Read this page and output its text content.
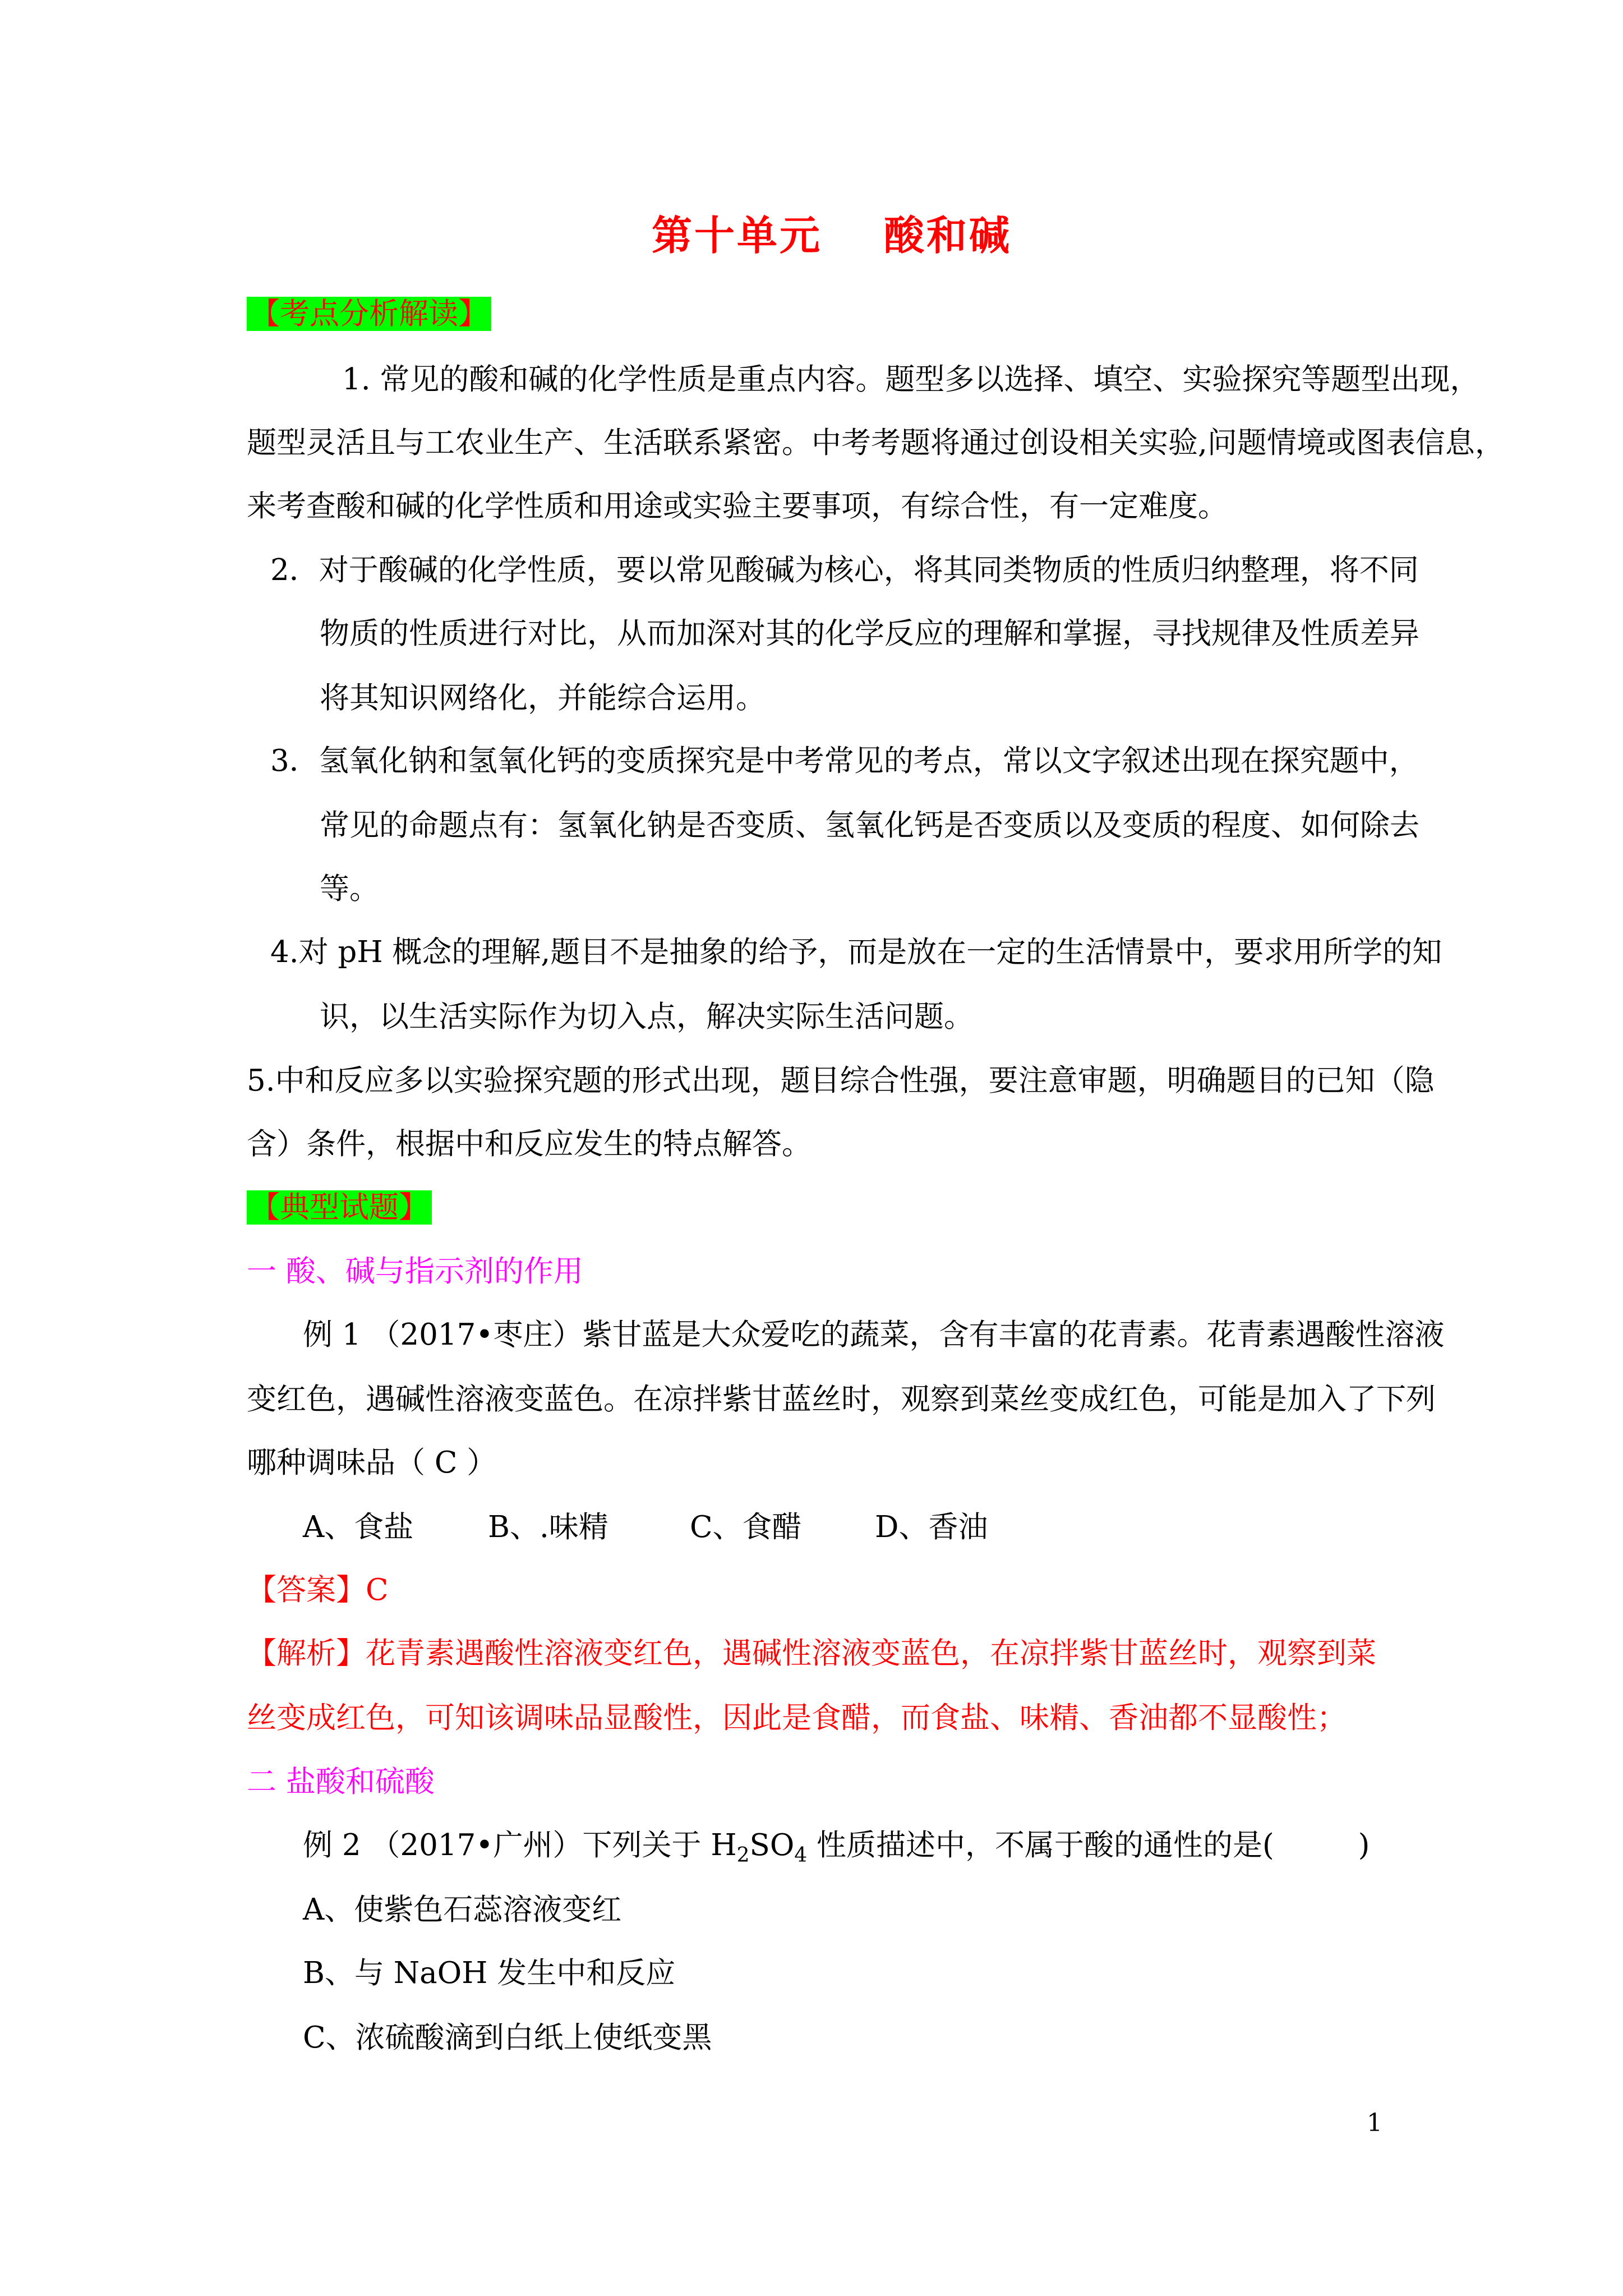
第十单元 酸和碱
【考点分析解读】
1. 常见的酸和碱的化学性质是重点内容。题型多以选择、填空、实验探究等题型出现，
题型灵活且与工农业生产、生活联系紧密。中考考题将通过创设相关实验,问题情境或图表信息，
来考查酸和碱的化学性质和用途或实验主要事项，有综合性，有一定难度。
2．对于酸碱的化学性质，要以常见酸碱为核心，将其同类物质的性质归纳整理，将不同
物质的性质进行对比，从而加深对其的化学反应的理解和掌握，寻找规律及性质差异
将其知识网络化，并能综合运用。
3．氢氧化钠和氢氧化钙的变质探究是中考常见的考点，常以文字叙述出现在探究题中，
常见的命题点有：氢氧化钠是否变质、氢氧化钙是否变质以及变质的程度、如何除去
等。
4.对 pH 概念的理解,题目不是抽象的给予，而是放在一定的生活情景中，要求用所学的知
识，以生活实际作为切入点，解决实际生活问题。
5.中和反应多以实验探究题的形式出现，题目综合性强，要注意审题，明确题目的已知（隐
含）条件，根据中和反应发生的特点解答。
【典型试题】
一 酸、碱与指示剂的作用
例 1 （2017•枣庄）紫甘蓝是大众爱吃的蔬菜，含有丰富的花青素。花青素遇酸性溶液
变红色，遇碱性溶液变蓝色。在凉拌紫甘蓝丝时，观察到菜丝变成红色，可能是加入了下列
哪种调味品（ C ）
A、食盐	B、.味精	C、食醋 D、香油
【答案】C
【解析】花青素遇酸性溶液变红色，遇碱性溶液变蓝色，在凉拌紫甘蓝丝时，观察到菜
丝变成红色，可知该调味品显酸性，因此是食醋，而食盐、味精、香油都不显酸性；
二 盐酸和硫酸
例 2 （2017•广州）下列关于 $H_2SO_4$ 性质描述中，不属于酸的通性的是(	)
A、使紫色石蕊溶液变红
B、与 NaOH 发生中和反应
C、浓硫酸滴到白纸上使纸变黑
1
